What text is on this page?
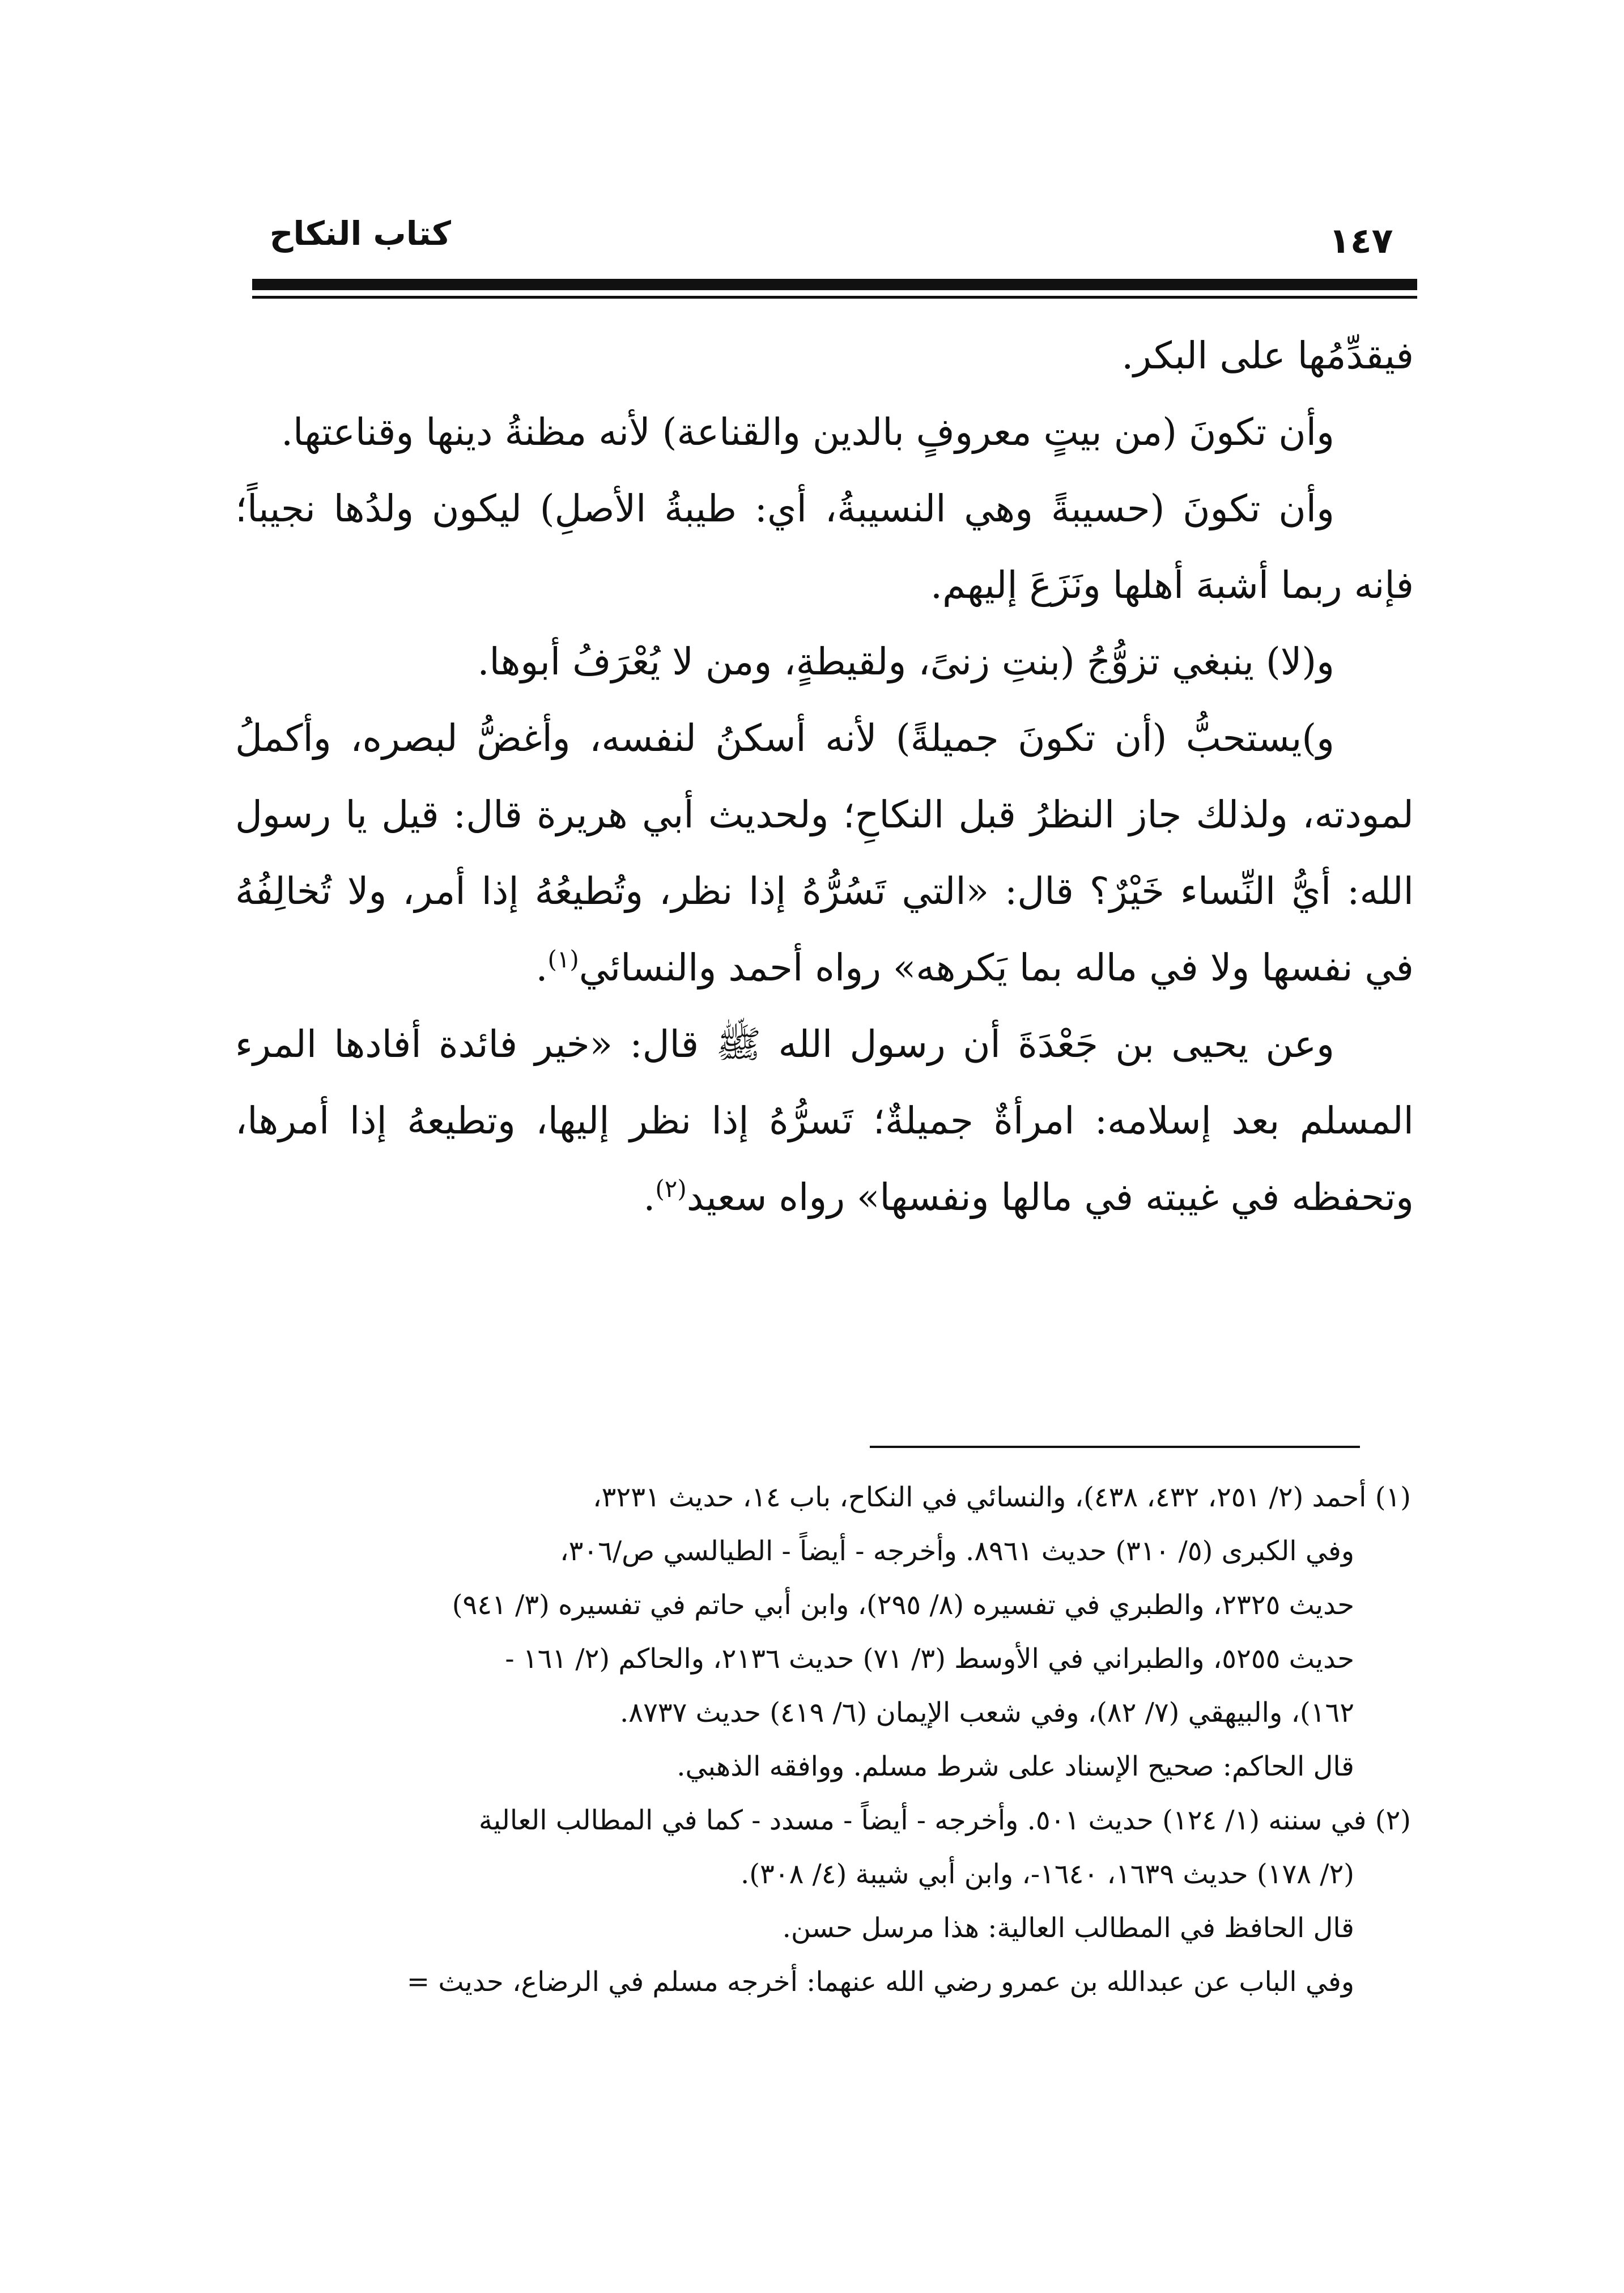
كتاب النكاح	١٤٧

فيقدِّمُها على البكر.

وأن تكونَ (من بيتٍ معروفٍ بالدين والقناعة) لأنه مظنةُ دينها وقناعتها.

وأن تكونَ (حسيبةً وهي النسيبةُ، أي: طيبةُ الأصلِ) ليكون ولدُها نجيباً؛ فإنه ربما أشبهَ أهلها ونَزَعَ إليهم.

و(لا) ينبغي تزوُّجُ (بنتِ زنىً، ولقيطةٍ، ومن لا يُعْرَفُ أبوها.

و)يستحبُّ (أن تكونَ جميلةً) لأنه أسكنُ لنفسه، وأغضُّ لبصره، وأكملُ لمودته، ولذلك جاز النظرُ قبل النكاحِ؛ ولحديث أبي هريرة قال: قيل يا رسول الله: أيُّ النِّساء خَيْرٌ؟ قال: «التي تَسُرُّهُ إذا نظر، وتُطيعُهُ إذا أمر، ولا تُخالِفُهُ في نفسها ولا في ماله بما يَكرهه» رواه أحمد والنسائي$^{(١)}$.

وعن يحيى بن جَعْدَةَ أن رسول الله ﷺ قال: «خير فائدة أفادها المرء المسلم بعد إسلامه: امرأةٌ جميلةٌ؛ تَسرُّهُ إذا نظر إليها، وتطيعهُ إذا أمرها، وتحفظه في غيبته في مالها ونفسها» رواه سعيد$^{(٢)}$.

(١) أحمد (٢/ ٢٥١، ٤٣٢، ٤٣٨)، والنسائي في النكاح، باب ١٤، حديث ٣٢٣١،

وفي الكبرى (٥/ ٣١٠) حديث ٨٩٦١. وأخرجه - أيضاً - الطيالسي ص/٣٠٦،

حديث ٢٣٢٥، والطبري في تفسيره (٨/ ٢٩٥)، وابن أبي حاتم في تفسيره (٣/ ٩٤١)

حديث ٥٢٥٥، والطبراني في الأوسط (٣/ ٧١) حديث ٢١٣٦، والحاكم (٢/ ١٦١ -

١٦٢)، والبيهقي (٧/ ٨٢)، وفي شعب الإيمان (٦/ ٤١٩) حديث ٨٧٣٧.

قال الحاكم: صحيح الإسناد على شرط مسلم. ووافقه الذهبي.

(٢) في سننه (١/ ١٢٤) حديث ٥٠١. وأخرجه - أيضاً - مسدد - كما في المطالب العالية

(٢/ ١٧٨) حديث ١٦٣٩، ١٦٤٠-، وابن أبي شيبة (٤/ ٣٠٨).

قال الحافظ في المطالب العالية: هذا مرسل حسن.

وفي الباب عن عبدالله بن عمرو رضي الله عنهما: أخرجه مسلم في الرضاع، حديث =
